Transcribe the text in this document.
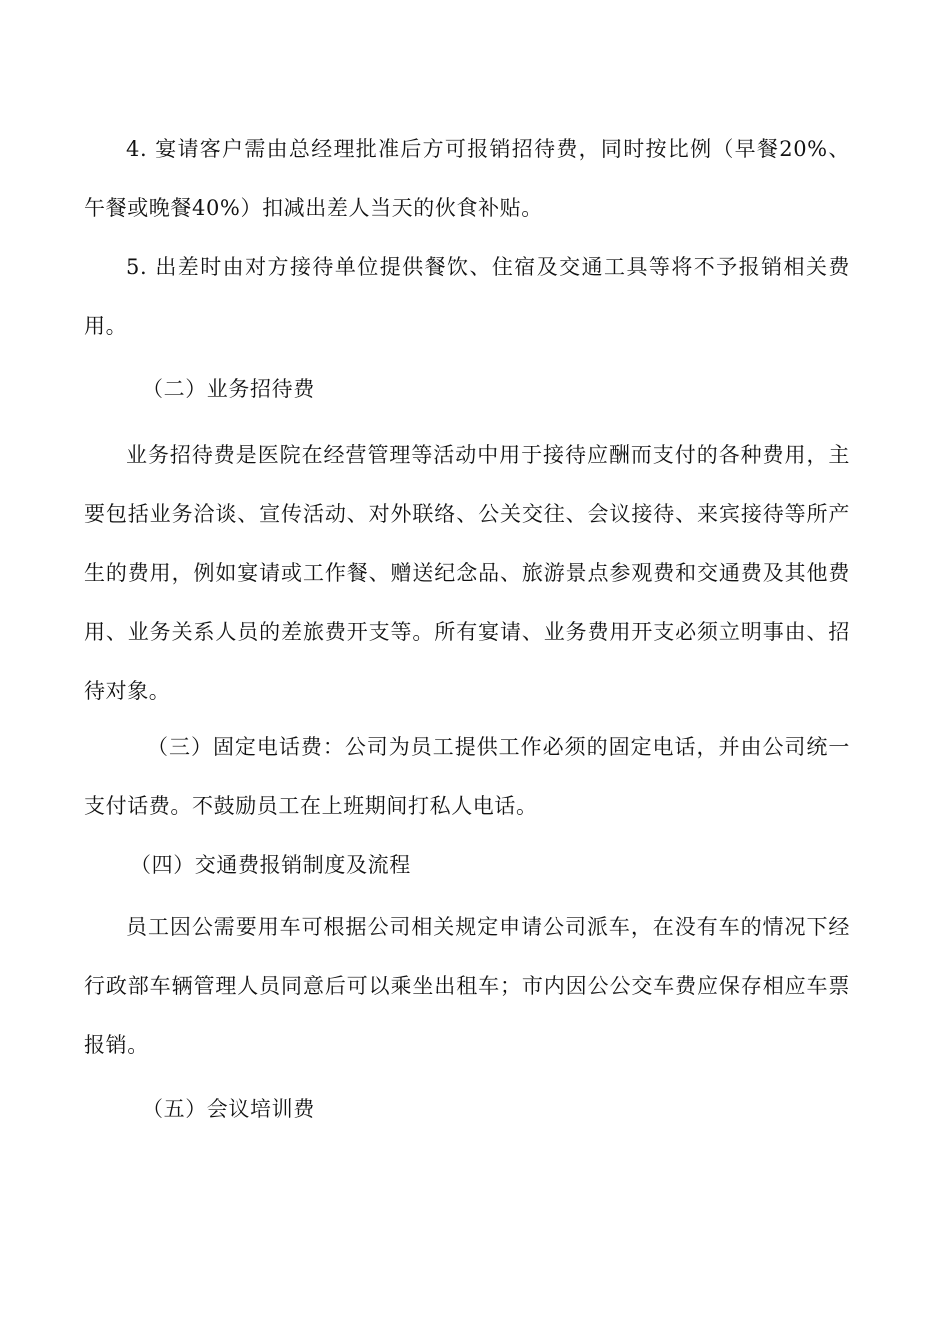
4. 宴请客户需由总经理批准后方可报销招待费，同时按比例（早餐20%、午餐或晚餐40%）扣减出差人当天的伙食补贴。

5. 出差时由对方接待单位提供餐饮、住宿及交通工具等将不予报销相关费用。

（二）业务招待费

业务招待费是医院在经营管理等活动中用于接待应酬而支付的各种费用，主要包括业务洽谈、宣传活动、对外联络、公关交往、会议接待、来宾接待等所产生的费用，例如宴请或工作餐、赠送纪念品、旅游景点参观费和交通费及其他费用、业务关系人员的差旅费开支等。所有宴请、业务费用开支必须立明事由、招待对象。

（三）固定电话费：公司为员工提供工作必须的固定电话，并由公司统一支付话费。不鼓励员工在上班期间打私人电话。

（四）交通费报销制度及流程

员工因公需要用车可根据公司相关规定申请公司派车，在没有车的情况下经行政部车辆管理人员同意后可以乘坐出租车；市内因公公交车费应保存相应车票报销。

（五）会议培训费
